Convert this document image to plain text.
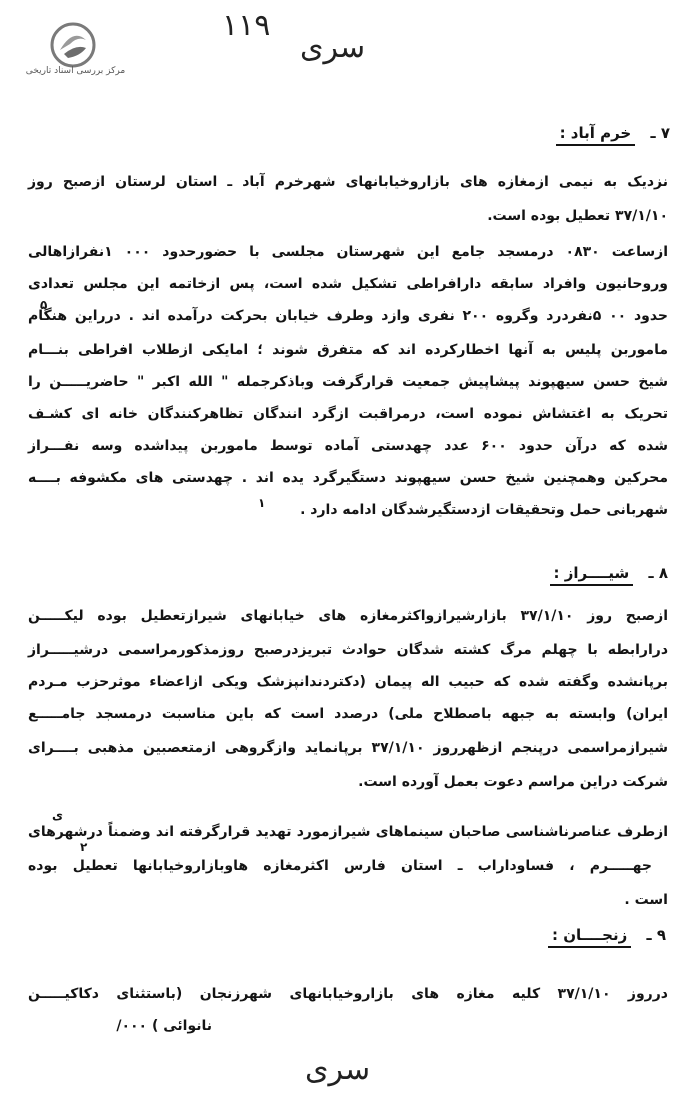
مرکز بررسی اسناد تاریخی
۱۱۹
سری
۷ ـ خرم آباد :
نزدیک به نیمی ازمغازه های بازاروخیابانهای شهرخرم آباد ـ استان لرستان ازصبح روز
۳۷/۱/۱۰ تعطیل بوده است.
ازساعت ۰۸۳۰ درمسجد جامع این شهرستان مجلسی با حضورحدود ۰۰۰ ۱نفرازاهالی
وروحانیون وافراد سابقه دارافراطی تشکیل شده است، پس ازخاتمه این مجلس تعدادی
حدود ۰۰ ۵نفردرد وگروه ۲۰۰ نفری وازد وطرف خیابان بحرکت درآمده اند . درراین هنگام
۵
ماموربن پلیس به آنها اخطارکرده اند که متفرق شوند ؛ امایکی ازطلاب افراطی بنـــام
شیخ حسن سیهپوند پیشاپیش جمعیت قرارگرفت وباذکرجمله " الله اکبر " حاضریـــــن را
تحریک به اغتشاش نموده است، درمراقبت ازگرد انندگان تظاهرکنندگان خانه ای کشـف
شده که درآن حدود ۶۰۰ عدد چهدستی آماده توسط ماموربن پیداشده وسه نفـــراز
محرکین وهمچنین شیخ حسن سیهپوند دستگیرگرد یده اند . چهدستی های مکشوفه بــــه
شهربانی حمل وتحقیقات ازدستگیرشدگان ادامه دارد .
۱
۸ ـ شیــــراز :
ازصبح روز ۳۷/۱/۱۰ بازارشیرازواکثرمغازه های خیابانهای شیرازتعطیل بوده لیکـــــن
درارابطه با چهلم مرگ کشته شدگان حوادث تبریزدرصبح روزمذکورمراسمی درشیـــــراز
برپانشده وگفته شده که حبیب اله پیمان (دکتردندانپزشک ویکی ازاعضاء موثرحزب مـردم
ایران) وابسته به جبهه باصطلاح ملی) درصدد است که باین مناسبت درمسجد جامـــــع
شیرازمراسمی درپنجم ازظهرروز ۳۷/۱/۱۰ برپانماید وازگروهی ازمتعصبین مذهبی بــــرای
شرکت دراین مراسم دعوت بعمل آورده است.
ی
ازطرف عناصرناشناسی صاحبان سینماهای شیرازمورد تهدید قرارگرفته اند وضمناً درشهرهای
جهـــــرم ، فساوداراب ـ استان فارس اکثرمغازه هاوبازاروخیابانها تعطیل بوده
۲
است .
۹ ـ زنجــــان :
درروز ۳۷/۱/۱۰ کلیه مغازه های بازاروخیابانهای شهرزنجان (باستثنای دکاکیـــــن
نانوائی ) ۰۰۰/
سری
